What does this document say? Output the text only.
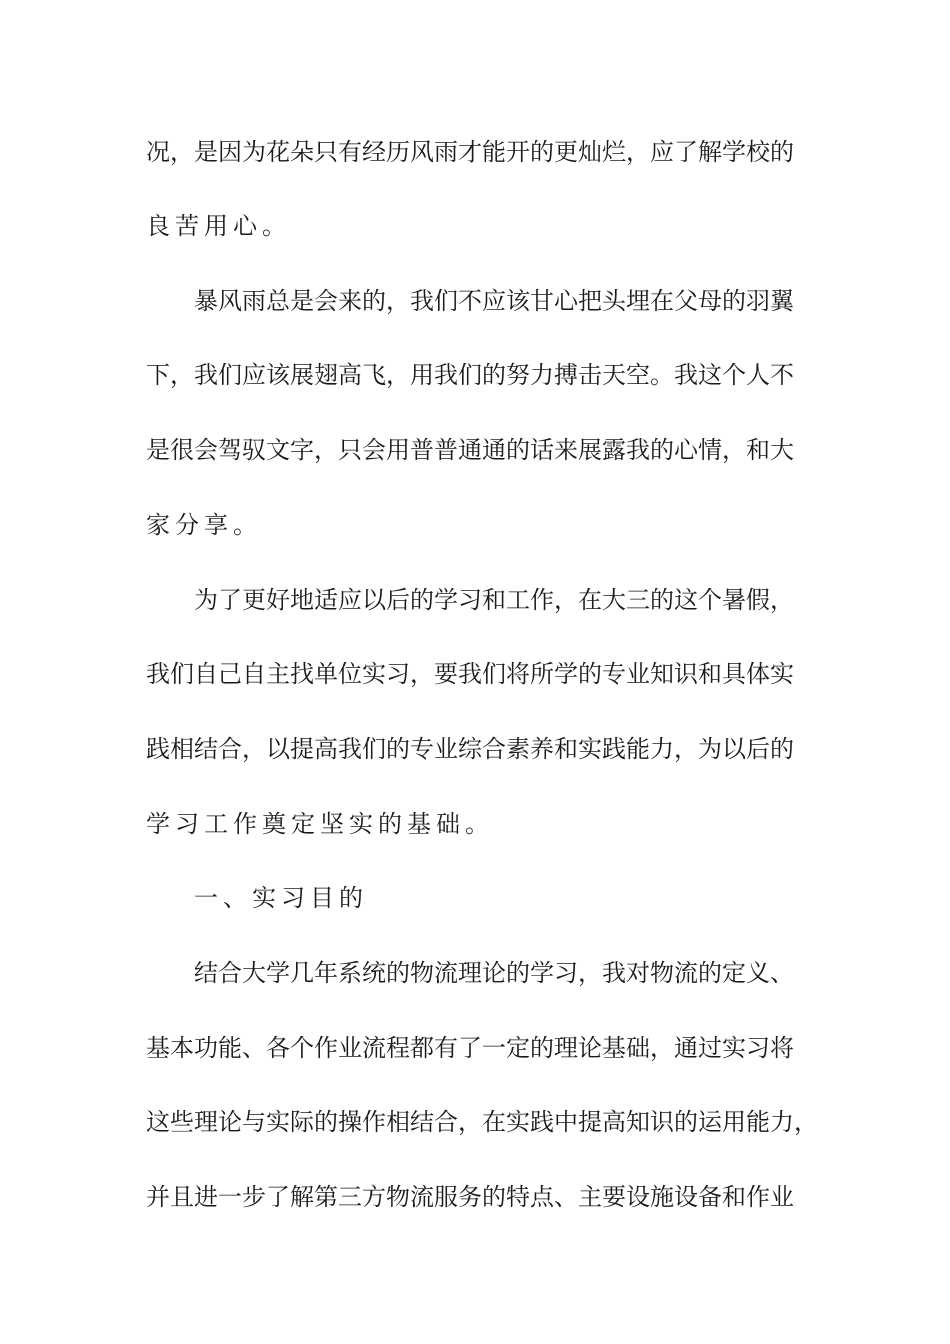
况，是因为花朵只有经历风雨才能开的更灿烂，应了解学校的
良苦用心。
暴风雨总是会来的，我们不应该甘心把头埋在父母的羽翼
下，我们应该展翅高飞，用我们的努力搏击天空。我这个人不
是很会驾驭文字，只会用普普通通的话来展露我的心情，和大
家分享。
为了更好地适应以后的学习和工作，在大三的这个暑假，
我们自己自主找单位实习，要我们将所学的专业知识和具体实
践相结合，以提高我们的专业综合素养和实践能力，为以后的
学习工作奠定坚实的基础。
一、实习目的
结合大学几年系统的物流理论的学习，我对物流的定义、
基本功能、各个作业流程都有了一定的理论基础，通过实习将
这些理论与实际的操作相结合，在实践中提高知识的运用能力，
并且进一步了解第三方物流服务的特点、主要设施设备和作业
